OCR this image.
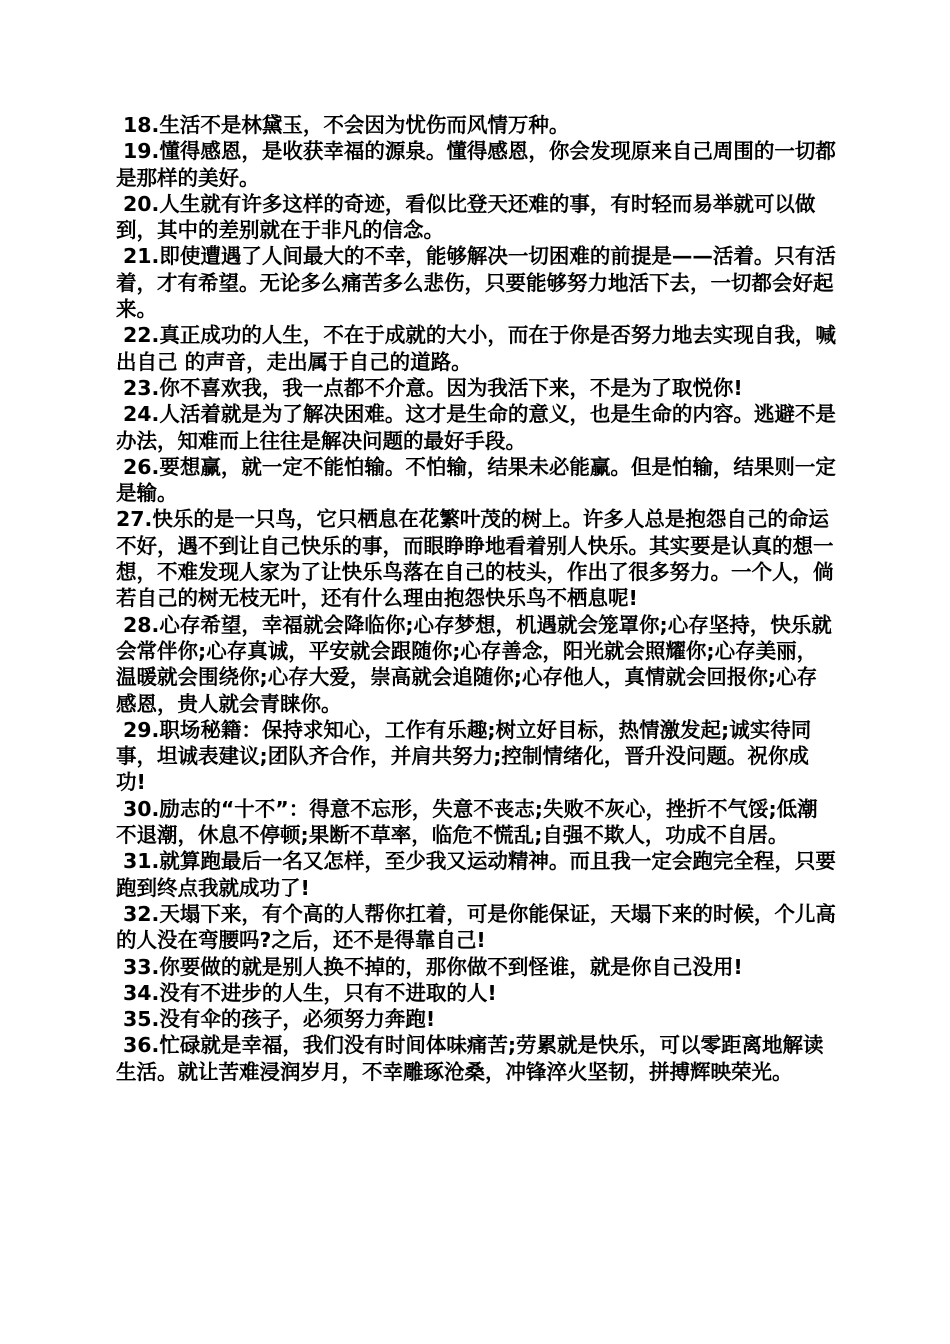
18.生活不是林黛玉，不会因为忧伤而风情万种。

19.懂得感恩，是收获幸福的源泉。懂得感恩，你会发现原来自己周围的一切都是那样的美好。

20.人生就有许多这样的奇迹，看似比登天还难的事，有时轻而易举就可以做到，其中的差别就在于非凡的信念。

21.即使遭遇了人间最大的不幸，能够解决一切困难的前提是——活着。只有活着，才有希望。无论多么痛苦多么悲伤，只要能够努力地活下去，一切都会好起来。

22.真正成功的人生，不在于成就的大小，而在于你是否努力地去实现自我，喊出自己 的声音，走出属于自己的道路。

23.你不喜欢我，我一点都不介意。因为我活下来，不是为了取悦你!

24.人活着就是为了解决困难。这才是生命的意义，也是生命的内容。逃避不是办法，知难而上往往是解决问题的最好手段。

26.要想赢，就一定不能怕输。不怕输，结果未必能赢。但是怕输，结果则一定是输。

27.快乐的是一只鸟，它只栖息在花繁叶茂的树上。许多人总是抱怨自己的命运不好，遇不到让自己快乐的事，而眼睁睁地看着别人快乐。其实要是认真的想一想，不难发现人家为了让快乐鸟落在自己的枝头，作出了很多努力。一个人，倘若自己的树无枝无叶，还有什么理由抱怨快乐鸟不栖息呢!

28.心存希望，幸福就会降临你;心存梦想，机遇就会笼罩你;心存坚持，快乐就会常伴你;心存真诚，平安就会跟随你;心存善念，阳光就会照耀你;心存美丽，温暖就会围绕你;心存大爱，崇高就会追随你;心存他人，真情就会回报你;心存感恩，贵人就会青睐你。

29.职场秘籍：保持求知心，工作有乐趣;树立好目标，热情激发起;诚实待同事，坦诚表建议;团队齐合作，并肩共努力;控制情绪化，晋升没问题。祝你成功!

30.励志的“十不”：得意不忘形，失意不丧志;失败不灰心，挫折不气馁;低潮不退潮，休息不停顿;果断不草率，临危不慌乱;自强不欺人，功成不自居。

31.就算跑最后一名又怎样，至少我又运动精神。而且我一定会跑完全程，只要跑到终点我就成功了!

32.天塌下来，有个高的人帮你扛着，可是你能保证，天塌下来的时候，个儿高的人没在弯腰吗?之后，还不是得靠自己!

33.你要做的就是别人换不掉的，那你做不到怪谁，就是你自己没用!

34.没有不进步的人生，只有不进取的人!

35.没有伞的孩子，必须努力奔跑!

36.忙碌就是幸福，我们没有时间体味痛苦;劳累就是快乐，可以零距离地解读生活。就让苦难浸润岁月，不幸雕琢沧桑，冲锋淬火坚韧，拼搏辉映荣光。
